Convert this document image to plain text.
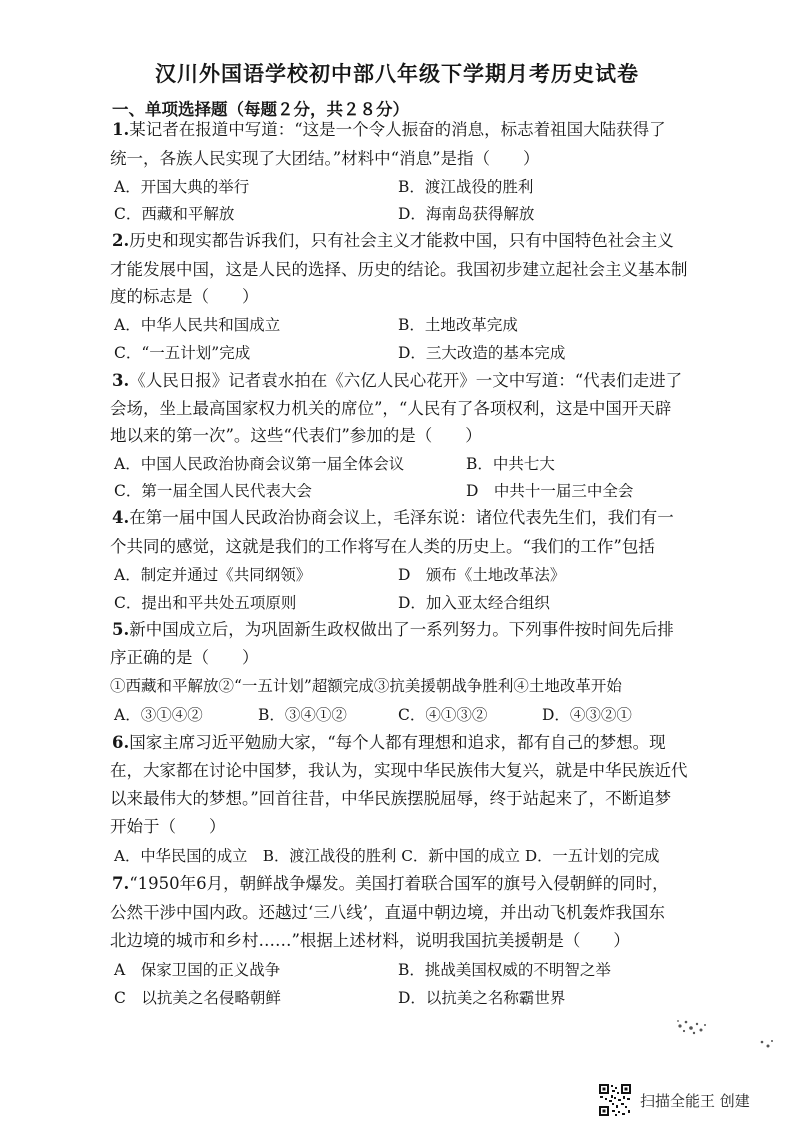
汉川外国语学校初中部八年级下学期月考历史试卷
一、单项选择题（每题２分，共２８分）
1.某记者在报道中写道：“这是一个令人振奋的消息，标志着祖国大陆获得了
统一，各族人民实现了大团结。”材料中“消息”是指（　　）
A．开国大典的举行	B．渡江战役的胜利
C．西藏和平解放	D．海南岛获得解放
2.历史和现实都告诉我们，只有社会主义才能救中国，只有中国特色社会主义
才能发展中国，这是人民的选择、历史的结论。我国初步建立起社会主义基本制
度的标志是（　　）
A．中华人民共和国成立	B．土地改革完成
C．“一五计划”完成	D．三大改造的基本完成
3.《人民日报》记者袁水拍在《六亿人民心花开》一文中写道：“代表们走进了
会场，坐上最高国家权力机关的席位”，“人民有了各项权利，这是中国开天辟
地以来的第一次”。这些“代表们”参加的是（　　）
A．中国人民政治协商会议第一届全体会议	B．中共七大
C．第一届全国人民代表大会	D　中共十一届三中全会
4.在第一届中国人民政治协商会议上，毛泽东说：诸位代表先生们，我们有一
个共同的感觉，这就是我们的工作将写在人类的历史上。“我们的工作”包括
A．制定并通过《共同纲领》	D　颁布《土地改革法》
C．提出和平共处五项原则	D．加入亚太经合组织
5.新中国成立后，为巩固新生政权做出了一系列努力。下列事件按时间先后排
序正确的是（　　）
①西藏和平解放②“一五计划”超额完成③抗美援朝战争胜利④土地改革开始
A．③①④②	B．③④①②	C．④①③②	D．④③②①
6.国家主席习近平勉励大家，“每个人都有理想和追求，都有自己的梦想。现
在，大家都在讨论中国梦，我认为，实现中华民族伟大复兴，就是中华民族近代
以来最伟大的梦想。”回首往昔，中华民族摆脱屈辱，终于站起来了，不断追梦
开始于（　　）
A．中华民国的成立　B．渡江战役的胜利 C．新中国的成立 D．一五计划的完成
7.“1950年6月，朝鲜战争爆发。美国打着联合国军的旗号入侵朝鲜的同时，
公然干涉中国内政。还越过‘三八线’，直逼中朝边境，并出动飞机轰炸我国东
北边境的城市和乡村……”根据上述材料，说明我国抗美援朝是（　　）
A　保家卫国的正义战争	B．挑战美国权威的不明智之举
C　以抗美之名侵略朝鲜	D．以抗美之名称霸世界
扫描全能王 创建
